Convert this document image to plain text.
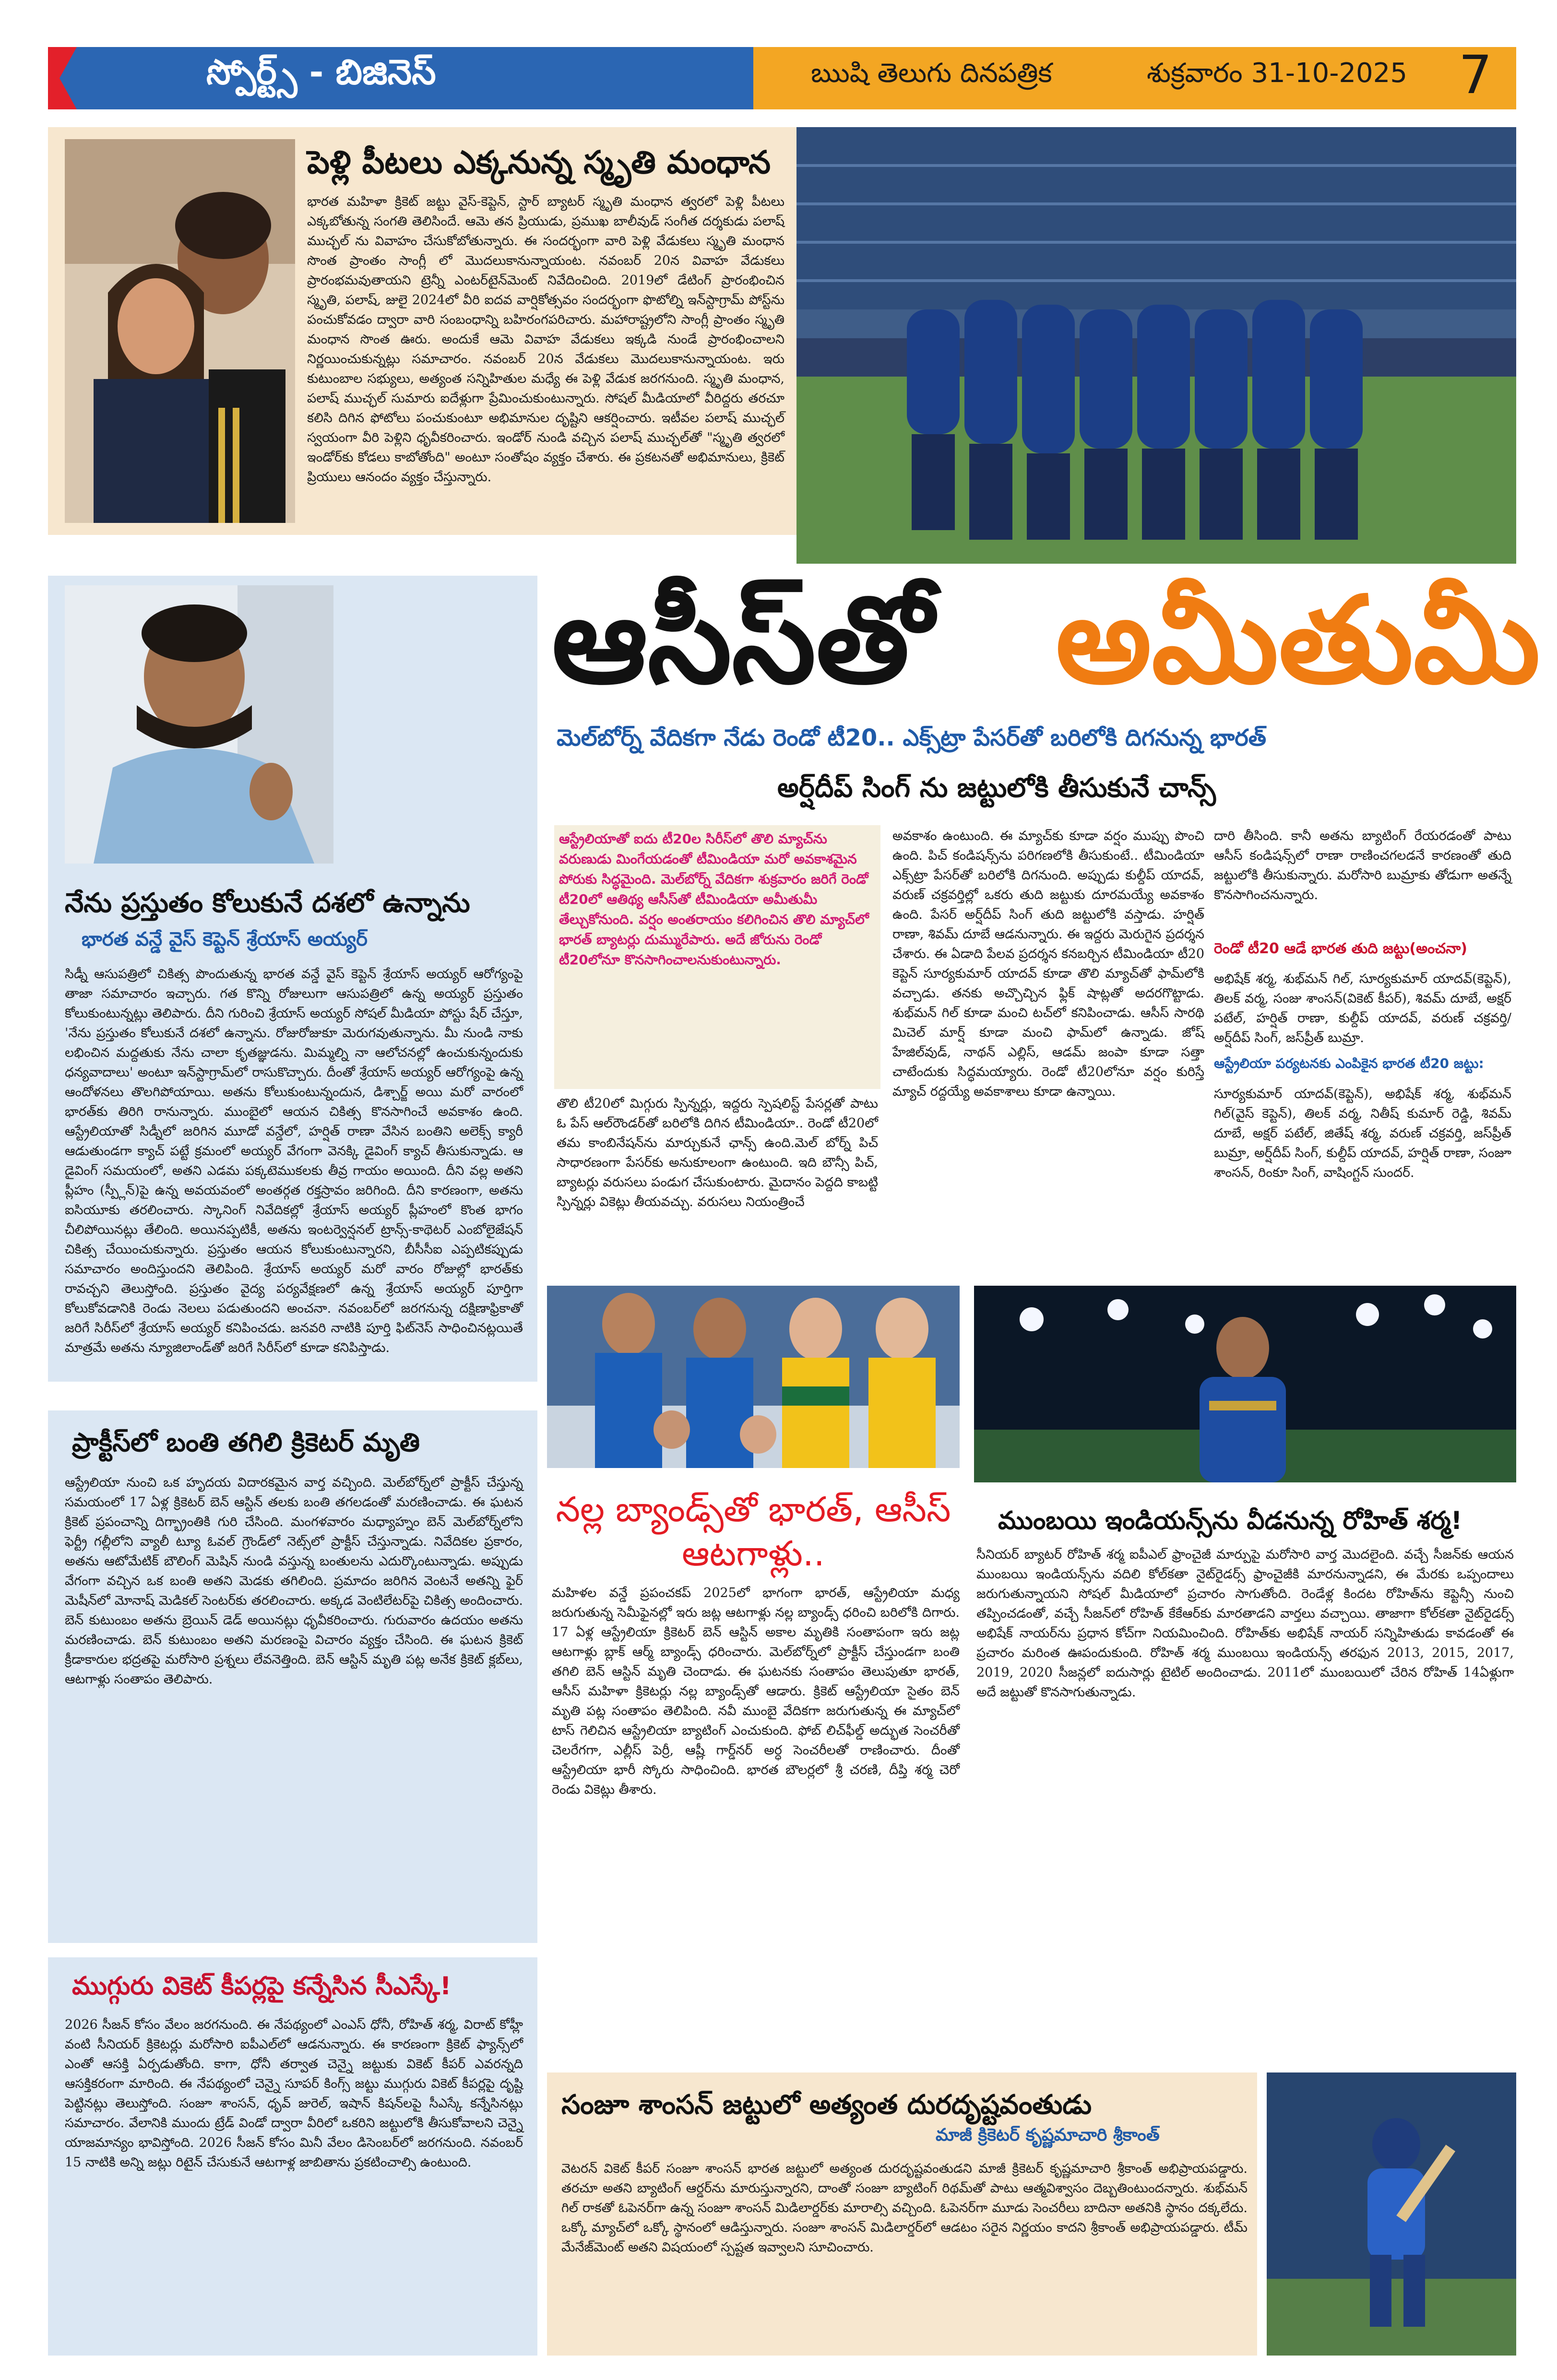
స్పోర్ట్స్ - బిజినెస్	ఋషి తెలుగు దినపత్రిక	శుక్రవారం 31-10-2025 7
పెళ్లి పీటలు ఎక్కనున్న స్మృతి మంధాన

భారత మహిళా క్రికెట్ జట్టు వైస్-కెప్టెన్, స్టార్ బ్యాటర్ స్మృతి మంధాన త్వరలో పెళ్లి పీటలు ఎక్కబోతున్న సంగతి తెలిసిందే. ఆమె తన ప్రియుడు, ప్రముఖ బాలీవుడ్ సంగీత దర్శకుడు పలాష్ ముచ్ఛల్ ను వివాహం చేసుకోబోతున్నారు. ఈ సందర్భంగా వారి పెళ్లి వేడుకలు స్మృతి మంధాన సొంత ప్రాంతం సాంగ్లీ లో మొదలుకానున్నాయంట. నవంబర్ 20న వివాహ వేడుకలు ప్రారంభమవుతాయని ట్రెన్నీ ఎంటర్‌టైన్‌మెంట్ నివేదించింది. 2019లో డేటింగ్ ప్రారంభించిన స్మృతి, పలాష్, జులై 2024లో వీరి ఐదవ వార్షికోత్సవం సందర్భంగా ఫొటోల్ని ఇన్‌స్టాగ్రామ్ పోస్ట్‌ను పంచుకోవడం ద్వారా వారి సంబంధాన్ని బహిరంగపరిచారు. మహారాష్ట్రలోని సాంగ్లీ ప్రాంతం స్మృతి మంధాన సొంత ఊరు. అందుకే ఆమె వివాహ వేడుకలు ఇక్కడి నుండే ప్రారంభించాలని నిర్ణయించుకున్నట్లు సమాచారం. నవంబర్ 20న వేడుకలు మొదలుకానున్నాయంట. ఇరు కుటుంబాల సభ్యులు, అత్యంత సన్నిహితుల మధ్యే ఈ పెళ్లి వేడుక జరగనుంది. స్మృతి మంధాన, పలాష్ ముచ్ఛల్ సుమారు ఐదేళ్లుగా ప్రేమించుకుంటున్నారు. సోషల్ మీడియాలో వీరిద్దరు తరచూ కలిసి దిగిన ఫోటోలు పంచుకుంటూ అభిమానుల దృష్టిని ఆకర్షించారు. ఇటీవల పలాష్ ముచ్ఛల్ స్వయంగా వీరి పెళ్లిని ధృవీకరించారు. ఇండోర్ నుండి వచ్చిన పలాష్ ముచ్ఛల్‌తో "స్మృతి త్వరలో ఇండోర్‌కు కోడలు కాబోతోంది" అంటూ సంతోషం వ్యక్తం చేశారు. ఈ ప్రకటనతో అభిమానులు, క్రికెట్ ప్రియులు ఆనందం వ్యక్తం చేస్తున్నారు.

ఆసీస్‌తో అమీతుమీ
మెల్‌బోర్న్ వేదికగా నేడు రెండో టీ20.. ఎక్స్‌ట్రా పేసర్‌తో బరిలోకి దిగనున్న భారత్
అర్ష్‌దీప్ సింగ్ ను జట్టులోకి తీసుకునే చాన్స్

ఆస్ట్రేలియాతో ఐదు టీ20ల సిరీస్‌లో తొలి మ్యాచ్‌ను వరుణుడు మింగేయడంతో టీమిండియా మరో అవకాశమైన పోరుకు సిద్ధమైంది. మెల్‌బోర్న్ వేదికగా శుక్రవారం జరిగే రెండో టీ20లో ఆతిథ్య ఆసీస్‌తో టీమిండియా అమీతుమీ తేల్చుకోనుంది. వర్షం అంతరాయం కలిగించిన తొలి మ్యాచ్‌లో భారత్ బ్యాటర్లు దుమ్మురేపారు. అదే జోరును రెండో టీ20లోనూ కొనసాగించాలనుకుంటున్నారు.

తొలి టీ20లో మిగ్గురు స్పిన్నర్లు, ఇద్దరు స్పెషలిస్ట్ పేసర్లతో పాటు ఓ పేస్ ఆల్‌రౌండర్‌తో బరిలోకి దిగిన టీమిండియా.. రెండో టీ20లో తమ కాంబినేషన్‌ను మార్చుకునే ఛాన్స్ ఉంది.మెల్ బోర్న్ పిచ్ సాధారణంగా పేసర్‌కు అనుకూలంగా ఉంటుంది. ఇది బౌన్సీ పిచ్, బ్యాటర్లు వరుసలు పండుగ చేసుకుంటారు. మైదానం పెద్దది కాబట్టి స్పిన్నర్లు వికెట్లు తీయవచ్చు. వరుసలు నియంత్రించే

అవకాశం ఉంటుంది. ఈ మ్యాచ్‌కు కూడా వర్షం ముప్పు పొంచి ఉంది. పిచ్ కండిషన్స్‌ను పరిగణలోకి తీసుకుంటే.. టీమిండియా ఎక్స్‌ట్రా పేసర్‌తో బరిలోకి దిగనుంది. అప్పుడు కుల్దీప్ యాదవ్, వరుణ్ చక్రవర్తిల్లో ఒకరు తుది జట్టుకు దూరమయ్యే అవకాశం ఉంది. పేసర్ అర్ష్‌దీప్ సింగ్ తుది జట్టులోకి వస్తాడు. హర్షిత్ రాణా, శివమ్ దూబే ఆడనున్నారు. ఈ ఇద్దరు మెరుగైన ప్రదర్శన చేశారు. ఈ ఏడాది పేలవ ప్రదర్శన కనబర్చిన టీమిండియా టీ20 కెప్టెన్ సూర్యకుమార్ యాదవ్ కూడా తొలి మ్యాచ్‌తో ఫామ్‌లోకి వచ్చాడు. తనకు అచ్చొచ్చిన ఫ్లిక్ షాట్లతో అదరగొట్టాడు. శుభ్‌మన్ గిల్ కూడా మంచి టచ్‌లో కనిపించాడు. ఆసీస్ సారథి మిచెల్ మార్ష్ కూడా మంచి ఫామ్‌లో ఉన్నాడు. జోష్ హేజిల్‌వుడ్, నాథన్ ఎల్లిస్, ఆడమ్ జంపా కూడా సత్తా చాటేందుకు సిద్ధమయ్యారు. రెండో టీ20లోనూ వర్షం కురిస్తే మ్యాచ్ రద్దయ్యే అవకాశాలు కూడా ఉన్నాయి.

దారి తీసింది. కానీ అతను బ్యాటింగ్ రేయరడంతో పాటు ఆసీస్ కండిషన్స్‌లో రాణా రాణించగలడనే కారణంతో తుది జట్టులోకి తీసుకున్నారు. మరోసారి బుమ్రాకు తోడుగా అతన్నే కొనసాగించనున్నారు.

రెండో టీ20 ఆడే భారత తుది జట్టు(అంచనా)

అభిషేక్ శర్మ, శుభ్‌మన్ గిల్, సూర్యకుమార్ యాదవ్(కెప్టెన్), తిలక్ వర్మ, సంజు శాంసన్(వికెట్ కీపర్), శివమ్ దూబే, అక్షర్ పటేల్, హర్షిత్ రాణా, కుల్దీప్ యాదవ్, వరుణ్ చక్రవర్తి/అర్ష్‌దీప్ సింగ్, జస్‌ప్రీత్ బుమ్రా.

ఆస్ట్రేలియా పర్యటనకు ఎంపికైన భారత టీ20 జట్టు:

సూర్యకుమార్ యాదవ్(కెప్టెన్), అభిషేక్ శర్మ, శుభ్‌మన్ గిల్(వైస్ కెప్టెన్), తిలక్ వర్మ, నితీష్ కుమార్ రెడ్డి, శివమ్ దూబే, అక్షర్ పటేల్, జితేష్ శర్మ, వరుణ్ చక్రవర్తి, జస్‌ప్రీత్ బుమ్రా, అర్ష్‌దీప్ సింగ్, కుల్దీప్ యాదవ్, హర్షిత్ రాణా, సంజూ శాంసన్, రింకూ సింగ్, వాషింగ్టన్ సుందర్.

నేను ప్రస్తుతం కోలుకునే దశలో ఉన్నాను
భారత వన్డే వైస్ కెప్టెన్ శ్రేయాస్ అయ్యర్

సిడ్నీ ఆసుపత్రిలో చికిత్స పొందుతున్న భారత వన్డే వైస్ కెప్టెన్ శ్రేయాస్ అయ్యర్ ఆరోగ్యంపై తాజా సమాచారం ఇచ్చారు. గత కొన్ని రోజులుగా ఆసుపత్రిలో ఉన్న అయ్యర్ ప్రస్తుతం కోలుకుంటున్నట్లు తెలిపారు. దీని గురించి శ్రేయాస్ అయ్యర్ సోషల్ మీడియా పోస్టు షేర్ చేస్తూ, 'నేను ప్రస్తుతం కోలుకునే దశలో ఉన్నాను. రోజురోజుకూ మెరుగవుతున్నాను. మీ నుండి నాకు లభించిన మద్దతుకు నేను చాలా కృతజ్ఞుడను. మిమ్మల్ని నా ఆలోచనల్లో ఉంచుకున్నందుకు ధన్యవాదాలు' అంటూ ఇన్‌స్టాగ్రామ్‌లో రాసుకొచ్చారు. దీంతో శ్రేయాస్ అయ్యర్ ఆరోగ్యంపై ఉన్న ఆందోళనలు తొలగిపోయాయి. అతను కోలుకుంటున్నందున, డిశ్చార్జ్ అయి మరో వారంలో భారత్‌కు తిరిగి రానున్నారు. ముంబైలో ఆయన చికిత్స కొనసాగించే అవకాశం ఉంది. ఆస్ట్రేలియాతో సిడ్నీలో జరిగిన మూడో వన్డేలో, హర్షిత్ రాణా వేసిన బంతిని అలెక్స్ క్యారీ ఆడుతుండగా క్యాచ్ పట్టే క్రమంలో అయ్యర్ వేగంగా వెనక్కి డైవింగ్ క్యాచ్ తీసుకున్నాడు. ఆ డైవింగ్ సమయంలో, అతని ఎడమ పక్కటెముకలకు తీవ్ర గాయం అయింది. దీని వల్ల అతని ప్లీహం (స్ప్లీన్)పై ఉన్న అవయవంలో అంతర్గత రక్తస్రావం జరిగింది. దీని కారణంగా, అతను ఐసియూకు తరలించారు. స్కానింగ్ నివేదికల్లో శ్రేయాస్ అయ్యర్ ప్లీహంలో కొంత భాగం చీలిపోయినట్లు తేలింది. అయినప్పటికీ, అతను ఇంటర్వెన్షనల్ ట్రాన్స్-కాథెటర్ ఎంబోలైజేషన్ చికిత్స చేయించుకున్నారు. ప్రస్తుతం ఆయన కోలుకుంటున్నారని, బీసీసీఐ ఎప్పటికప్పుడు సమాచారం అందిస్తుందని తెలిపింది. శ్రేయాస్ అయ్యర్ మరో వారం రోజుల్లో భారత్‌కు రావచ్చని తెలుస్తోంది. ప్రస్తుతం వైద్య పర్యవేక్షణలో ఉన్న శ్రేయాస్ అయ్యర్ పూర్తిగా కోలుకోవడానికి రెండు నెలలు పడుతుందని అంచనా. నవంబర్‌లో జరగనున్న దక్షిణాఫ్రికాతో జరిగే సిరీస్‌లో శ్రేయాస్ అయ్యర్ కనిపించడు. జనవరి నాటికి పూర్తి ఫిట్‌నెస్ సాధించినట్లయితే మాత్రమే అతను న్యూజిలాండ్‌తో జరిగే సిరీస్‌లో కూడా కనిపిస్తాడు.

ప్రాక్టీస్‌లో బంతి తగిలి క్రికెటర్ మృతి

ఆస్ట్రేలియా నుంచి ఒక హృదయ విదారకమైన వార్త వచ్చింది. మెల్‌బోర్న్‌లో ప్రాక్టీస్ చేస్తున్న సమయంలో 17 ఏళ్ల క్రికెటర్ బెన్ ఆస్టిన్ తలకు బంతి తగలడంతో మరణించాడు. ఈ ఘటన క్రికెట్ ప్రపంచాన్ని దిగ్భ్రాంతికి గురి చేసింది. మంగళవారం మధ్యాహ్నం బెన్ మెల్‌బోర్న్‌లోని ఫెర్ట్రీ గల్లీలోని వ్యాలీ ట్యూ ఓవల్ గ్రౌండ్‌లో నెట్స్‌లో ప్రాక్టీస్ చేస్తున్నాడు. నివేదికల ప్రకారం, అతను ఆటోమేటిక్ బౌలింగ్ మెషిన్ నుండి వస్తున్న బంతులను ఎదుర్కొంటున్నాడు. అప్పుడు వేగంగా వచ్చిన ఒక బంతి అతని మెడకు తగిలింది. ప్రమాదం జరిగిన వెంటనే అతన్ని ఫైర్ మెషీన్‌లో మోనాష్ మెడికల్ సెంటర్‌కు తరలించారు. అక్కడ వెంటిలేటర్‌పై చికిత్స అందించారు. బెన్ కుటుంబం అతను బ్రెయిన్ డెడ్ అయినట్లు ధృవీకరించారు. గురువారం ఉదయం అతను మరణించాడు. బెన్ కుటుంబం అతని మరణంపై విచారం వ్యక్తం చేసింది. ఈ ఘటన క్రికెట్ క్రీడాకారుల భద్రతపై మరోసారి ప్రశ్నలు లేవనెత్తింది. బెన్ ఆస్టిన్ మృతి పట్ల అనేక క్రికెట్ క్లబ్‌లు, ఆటగాళ్లు సంతాపం తెలిపారు.

ముగ్గురు వికెట్ కీపర్లపై కన్నేసిన సీఎస్కే!

2026 సీజన్ కోసం వేలం జరగనుంది. ఈ నేపథ్యంలో ఎంఎస్ ధోనీ, రోహిత్ శర్మ, విరాట్ కోహ్లీ వంటి సీనియర్ క్రికెటర్లు మరోసారి ఐపీఎల్‌లో ఆడనున్నారు. ఈ కారణంగా క్రికెట్ ఫ్యాన్స్‌లో ఎంతో ఆసక్తి ఏర్పడుతోంది. కాగా, ధోనీ తర్వాత చెన్నై జట్టుకు వికెట్ కీపర్ ఎవరన్నది ఆసక్తికరంగా మారింది. ఈ నేపథ్యంలో చెన్నై సూపర్ కింగ్స్ జట్టు ముగ్గురు వికెట్ కీపర్లపై దృష్టి పెట్టినట్లు తెలుస్తోంది. సంజూ శాంసన్, ధృవ్ జురెల్, ఇషాన్ కిషన్‌లపై సీఎస్కే కన్నేసినట్లు సమాచారం. వేలానికి ముందు ట్రేడ్ విండో ద్వారా వీరిలో ఒకరిని జట్టులోకి తీసుకోవాలని చెన్నై యాజమాన్యం భావిస్తోంది. 2026 సీజన్ కోసం మినీ వేలం డిసెంబర్‌లో జరగనుంది. నవంబర్ 15 నాటికి అన్ని జట్లు రిటైన్ చేసుకునే ఆటగాళ్ల జాబితాను ప్రకటించాల్సి ఉంటుంది.

నల్ల బ్యాండ్స్‌తో భారత్, ఆసీస్ ఆటగాళ్లు..

మహిళల వన్డే ప్రపంచకప్ 2025లో భాగంగా భారత్, ఆస్ట్రేలియా మధ్య జరుగుతున్న సెమీఫైనల్లో ఇరు జట్ల ఆటగాళ్లు నల్ల బ్యాండ్స్ ధరించి బరిలోకి దిగారు. 17 ఏళ్ల ఆస్ట్రేలియా క్రికెటర్ బెన్ ఆస్టిన్ అకాల మృతికి సంతాపంగా ఇరు జట్ల ఆటగాళ్లు బ్లాక్ ఆర్మ్ బ్యాండ్స్ ధరించారు. మెల్‌బోర్న్‌లో ప్రాక్టీస్ చేస్తుండగా బంతి తగిలి బెన్ ఆస్టిన్ మృతి చెందాడు. ఈ ఘటనకు సంతాపం తెలుపుతూ భారత్, ఆసీస్ మహిళా క్రికెటర్లు నల్ల బ్యాండ్స్‌తో ఆడారు. క్రికెట్ ఆస్ట్రేలియా సైతం బెన్ మృతి పట్ల సంతాపం తెలిపింది. నవీ ముంబై వేదికగా జరుగుతున్న ఈ మ్యాచ్‌లో టాస్ గెలిచిన ఆస్ట్రేలియా బ్యాటింగ్ ఎంచుకుంది. ఫోబ్ లిచ్‌ఫీల్డ్ అద్భుత సెంచరీతో చెలరేగగా, ఎల్లీస్ పెర్రీ, ఆష్లీ గార్డ్‌నర్ అర్ధ సెంచరీలతో రాణించారు. దీంతో ఆస్ట్రేలియా భారీ స్కోరు సాధించింది. భారత బౌలర్లలో శ్రీ చరణి, దీప్తి శర్మ చెరో రెండు వికెట్లు తీశారు.

ముంబయి ఇండియన్స్‌ను వీడనున్న రోహిత్ శర్మ!

సీనియర్ బ్యాటర్ రోహిత్ శర్మ ఐపీఎల్ ఫ్రాంచైజీ మార్పుపై మరోసారి వార్త మొదలైంది. వచ్చే సీజన్‌కు ఆయన ముంబయి ఇండియన్స్‌ను వదిలి కోల్‌కతా నైట్‌రైడర్స్ ఫ్రాంచైజీకి మారనున్నాడని, ఈ మేరకు ఒప్పందాలు జరుగుతున్నాయని సోషల్ మీడియాలో ప్రచారం సాగుతోంది. రెండేళ్ల కిందట రోహిత్‌ను కెప్టెన్సీ నుంచి తప్పించడంతో, వచ్చే సీజన్‌లో రోహిత్ కేకేఆర్‌కు మారతాడని వార్తలు వచ్చాయి. తాజాగా కోల్‌కతా నైట్‌రైడర్స్ అభిషేక్ నాయర్‌ను ప్రధాన కోచ్‌గా నియమించింది. రోహిత్‌కు అభిషేక్ నాయర్ సన్నిహితుడు కావడంతో ఈ ప్రచారం మరింత ఊపందుకుంది. రోహిత్ శర్మ ముంబయి ఇండియన్స్ తరఫున 2013, 2015, 2017, 2019, 2020 సీజన్లలో ఐదుసార్లు టైటిల్ అందించాడు. 2011లో ముంబయిలో చేరిన రోహిత్ 14ఏళ్లుగా అదే జట్టుతో కొనసాగుతున్నాడు.

సంజూ శాంసన్ జట్టులో అత్యంత దురదృష్టవంతుడు
మాజీ క్రికెటర్ కృష్ణమాచారి శ్రీకాంత్

వెటరన్ వికెట్ కీపర్ సంజూ శాంసన్ భారత జట్టులో అత్యంత దురదృష్టవంతుడని మాజీ క్రికెటర్ కృష్ణమాచారి శ్రీకాంత్ అభిప్రాయపడ్డారు. తరచూ అతని బ్యాటింగ్ ఆర్డర్‌ను మారుస్తున్నారని, దాంతో సంజూ బ్యాటింగ్ రిథమ్‌తో పాటు ఆత్మవిశ్వాసం దెబ్బతింటుందన్నారు. శుభ్‌మన్ గిల్ రాకతో ఓపెనర్‌గా ఉన్న సంజూ శాంసన్ మిడిలార్డర్‌కు మారాల్సి వచ్చింది. ఓపెనర్‌గా మూడు సెంచరీలు బాదినా అతనికి స్థానం దక్కలేదు. ఒక్కో మ్యాచ్‌లో ఒక్కో స్థానంలో ఆడిస్తున్నారు. సంజూ శాంసన్ మిడిలార్డర్‌లో ఆడటం సరైన నిర్ణయం కాదని శ్రీకాంత్ అభిప్రాయపడ్డారు. టీమ్ మేనేజ్‌మెంట్ అతని విషయంలో స్పష్టత ఇవ్వాలని సూచించారు.
